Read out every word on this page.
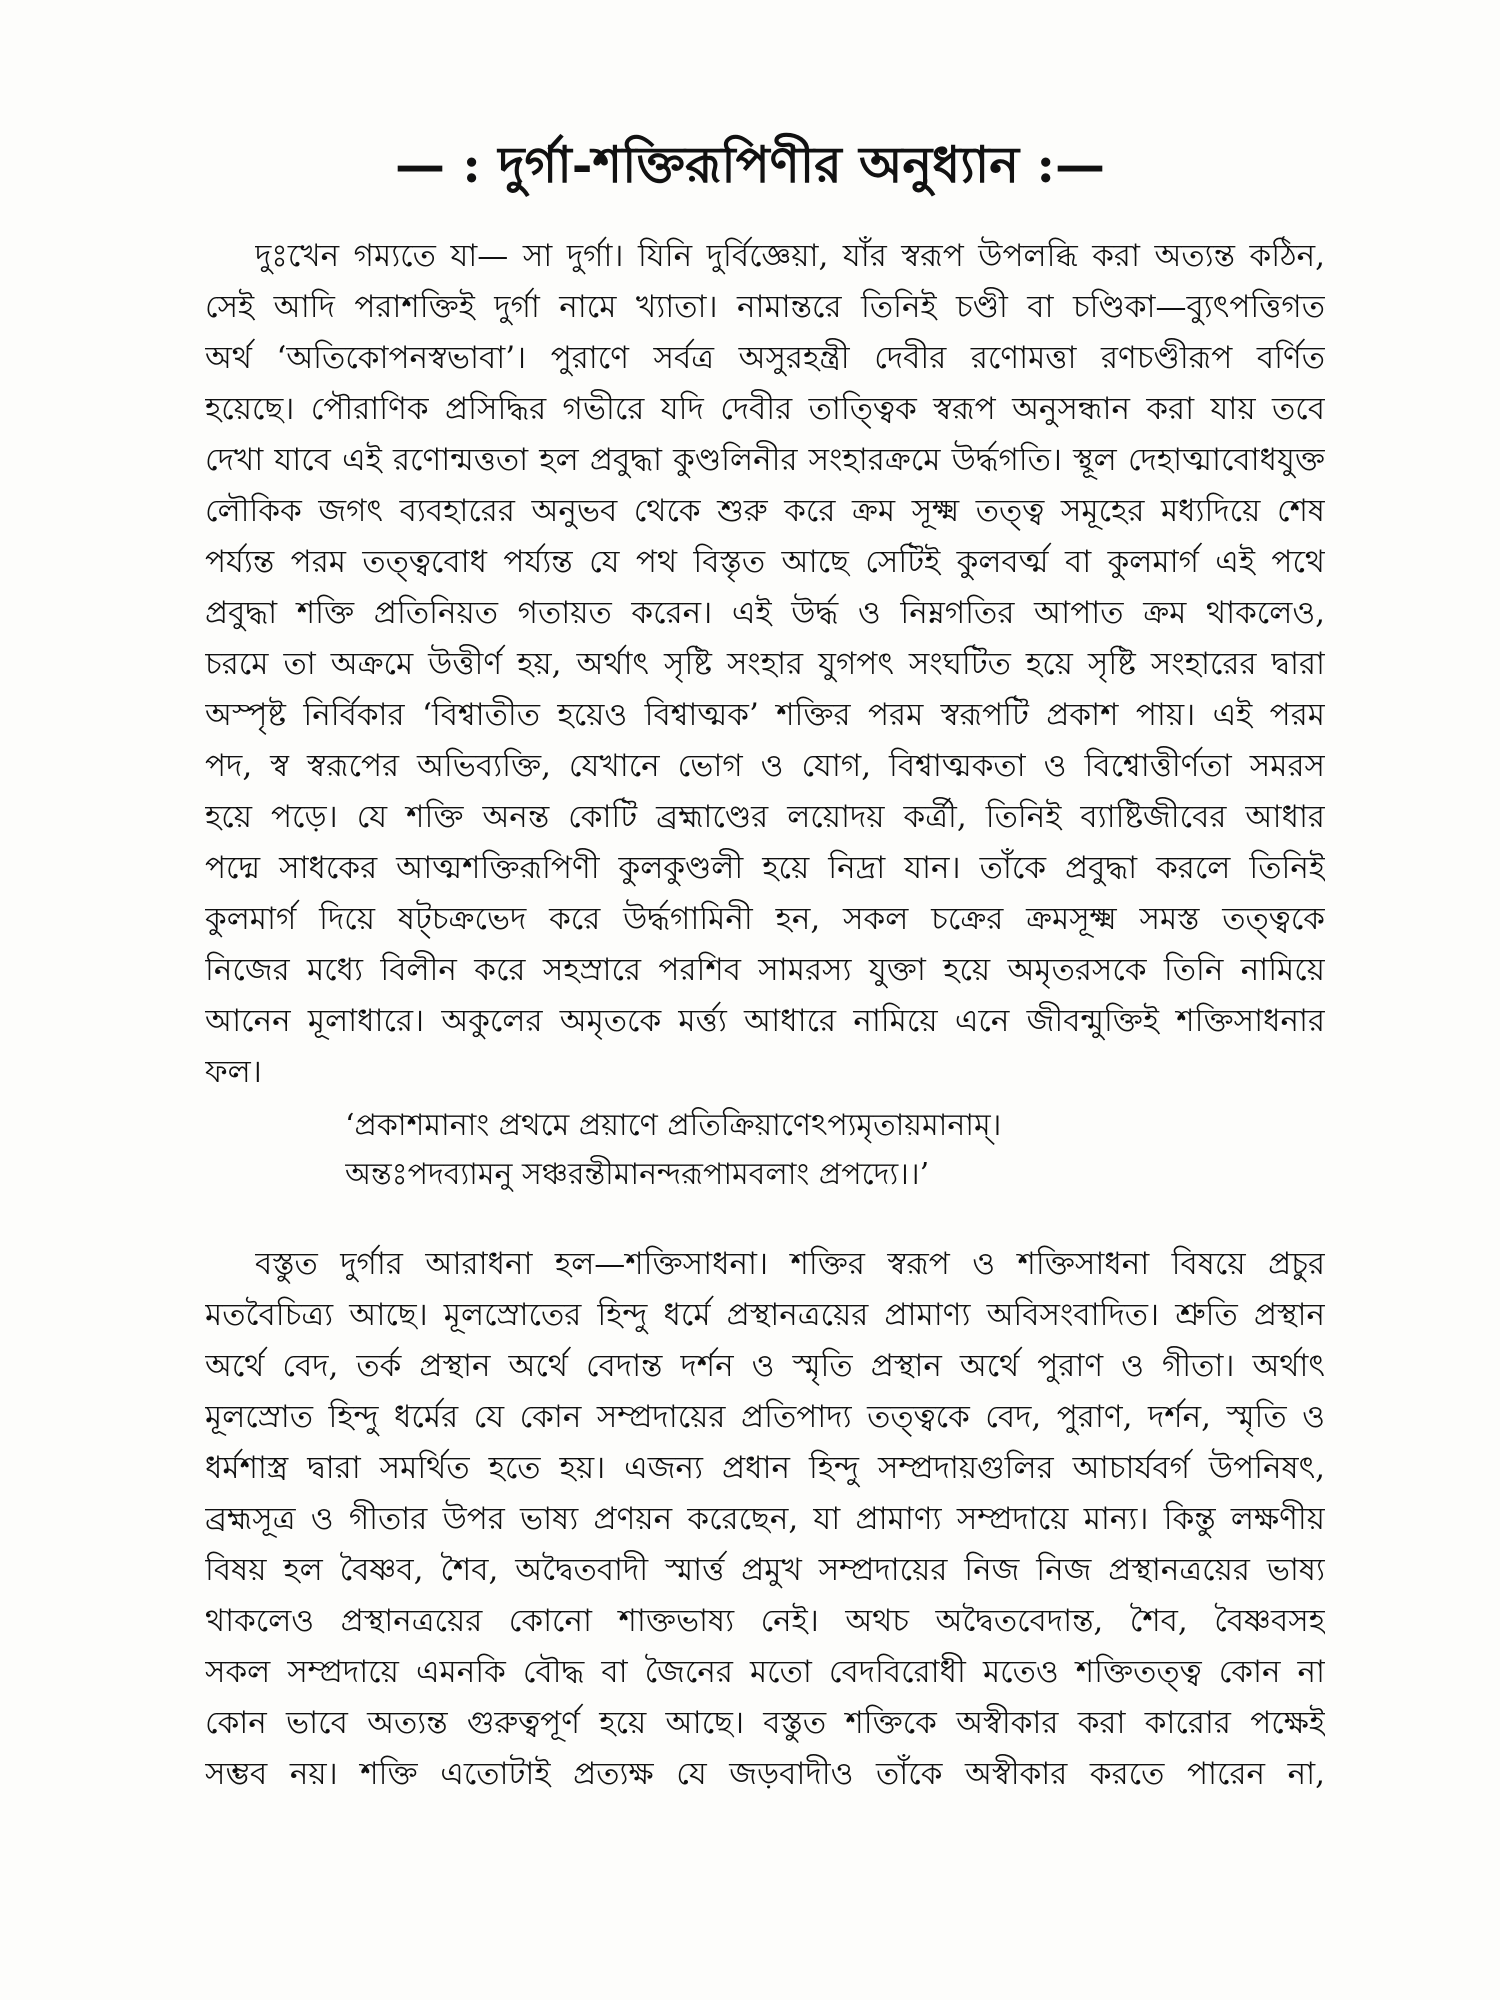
— : দুর্গা-শক্তিরূপিণীর অনুধ্যান :—
দুঃখেন গম্যতে যা— সা দুর্গা। যিনি দুর্বিজ্ঞেয়া, যাঁর স্বরূপ উপলব্ধি করা অত্যন্ত কঠিন,
সেই আদি পরাশক্তিই দুর্গা নামে খ্যাতা। নামান্তরে তিনিই চণ্ডী বা চণ্ডিকা—ব্যুৎপত্তিগত
অর্থ ‘অতিকোপনস্বভাবা’। পুরাণে সর্বত্র অসুরহন্ত্রী দেবীর রণোমত্তা রণচণ্ডীরূপ বর্ণিত
হয়েছে। পৌরাণিক প্রসিদ্ধির গভীরে যদি দেবীর তাত্ত্বিক স্বরূপ অনুসন্ধান করা যায় তবে
দেখা যাবে এই রণোন্মত্ততা হল প্রবুদ্ধা কুণ্ডলিনীর সংহারক্রমে উর্দ্ধগতি। স্থূল দেহাত্মাবোধযুক্ত
লৌকিক জগৎ ব্যবহারের অনুভব থেকে শুরু করে ক্রম সূক্ষ্ম তত্ত্ব সমূহের মধ্যদিয়ে শেষ
পর্য্যন্ত পরম তত্ত্ববোধ পর্য্যন্ত যে পথ বিস্তৃত আছে সেটিই কুলবর্ত্ম বা কুলমার্গ এই পথে
প্রবুদ্ধা শক্তি প্রতিনিয়ত গতায়ত করেন। এই উর্দ্ধ ও নিম্নগতির আপাত ক্রম থাকলেও,
চরমে তা অক্রমে উত্তীর্ণ হয়, অর্থাৎ সৃষ্টি সংহার যুগপৎ সংঘটিত হয়ে সৃষ্টি সংহারের দ্বারা
অস্পৃষ্ট নির্বিকার ‘বিশ্বাতীত হয়েও বিশ্বাত্মক’ শক্তির পরম স্বরূপটি প্রকাশ পায়। এই পরম
পদ, স্ব স্বরূপের অভিব্যক্তি, যেখানে ভোগ ও যোগ, বিশ্বাত্মকতা ও বিশ্বোত্তীর্ণতা সমরস
হয়ে পড়ে। যে শক্তি অনন্ত কোটি ব্রহ্মাণ্ডের লয়োদয় কর্ত্রী, তিনিই ব্যাষ্টিজীবের আধার
পদ্মে সাধকের আত্মশক্তিরূপিণী কুলকুণ্ডলী হয়ে নিদ্রা যান। তাঁকে প্রবুদ্ধা করলে তিনিই
কুলমার্গ দিয়ে ষট্চক্রভেদ করে উর্দ্ধগামিনী হন, সকল চক্রের ক্রমসূক্ষ্ম সমস্ত তত্ত্বকে
নিজের মধ্যে বিলীন করে সহস্রারে পরশিব সামরস্য যুক্তা হয়ে অমৃতরসকে তিনি নামিয়ে
আনেন মূলাধারে। অকুলের অমৃতকে মর্ত্ত্য আধারে নামিয়ে এনে জীবন্মুক্তিই শক্তিসাধনার
ফল।
‘প্রকাশমানাং প্রথমে প্রয়াণে প্রতিক্রিয়াণেঽপ্যমৃতায়মানাম্।
অন্তঃপদব্যামনু সঞ্চরন্তীমানন্দরূপামবলাং প্রপদ্যে।।’
বস্তুত দুর্গার আরাধনা হল—শক্তিসাধনা। শক্তির স্বরূপ ও শক্তিসাধনা বিষয়ে প্রচুর
মতবৈচিত্র্য আছে। মূলস্রোতের হিন্দু ধর্মে প্রস্থানত্রয়ের প্রামাণ্য অবিসংবাদিত। শ্রুতি প্রস্থান
অর্থে বেদ, তর্ক প্রস্থান অর্থে বেদান্ত দর্শন ও স্মৃতি প্রস্থান অর্থে পুরাণ ও গীতা। অর্থাৎ
মূলস্রোত হিন্দু ধর্মের যে কোন সম্প্রদায়ের প্রতিপাদ্য তত্ত্বকে বেদ, পুরাণ, দর্শন, স্মৃতি ও
ধর্মশাস্ত্র দ্বারা সমর্থিত হতে হয়। এজন্য প্রধান হিন্দু সম্প্রদায়গুলির আচার্যবর্গ উপনিষৎ,
ব্রহ্মসূত্র ও গীতার উপর ভাষ্য প্রণয়ন করেছেন, যা প্রামাণ্য সম্প্রদায়ে মান্য। কিন্তু লক্ষণীয়
বিষয় হল বৈষ্ণব, শৈব, অদ্বৈতবাদী স্মার্ত্ত প্রমুখ সম্প্রদায়ের নিজ নিজ প্রস্থানত্রয়ের ভাষ্য
থাকলেও প্রস্থানত্রয়ের কোনো শাক্তভাষ্য নেই। অথচ অদ্বৈতবেদান্ত, শৈব, বৈষ্ণবসহ
সকল সম্প্রদায়ে এমনকি বৌদ্ধ বা জৈনের মতো বেদবিরোধী মতেও শক্তিতত্ত্ব কোন না
কোন ভাবে অত্যন্ত গুরুত্বপূর্ণ হয়ে আছে। বস্তুত শক্তিকে অস্বীকার করা কারোর পক্ষেই
সম্ভব নয়। শক্তি এতোটাই প্রত্যক্ষ যে জড়বাদীও তাঁকে অস্বীকার করতে পারেন না,
